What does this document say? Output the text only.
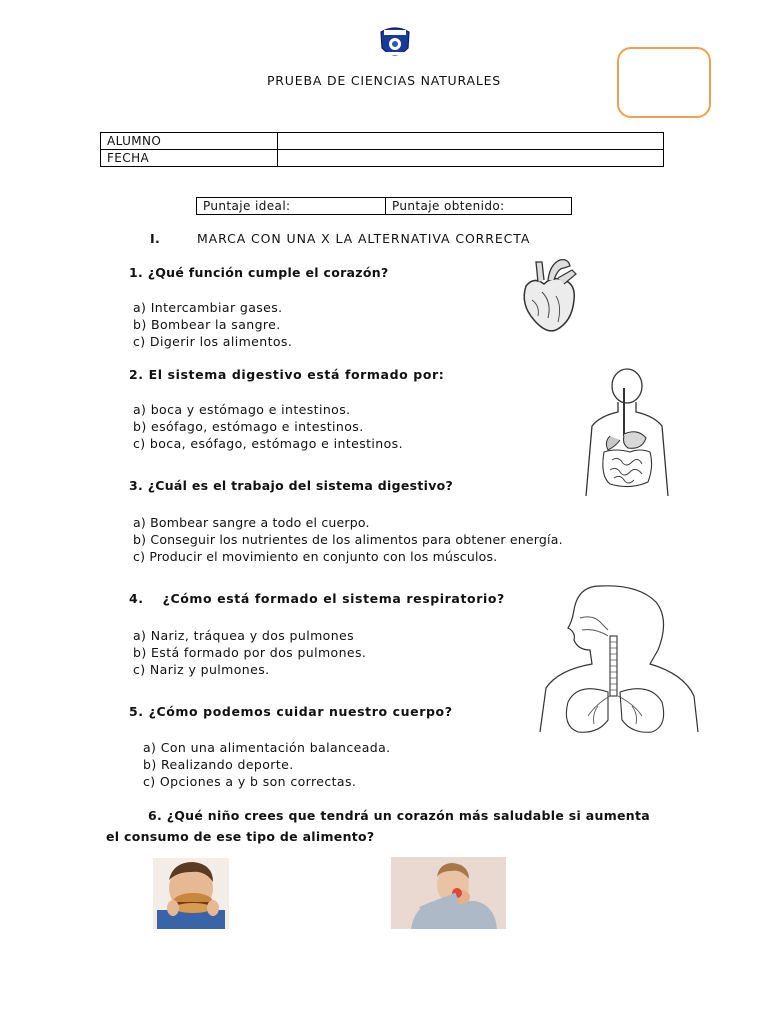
PRUEBA DE CIENCIAS NATURALES
ALUMNO	
FECHA	
Puntaje ideal:	Puntaje obtenido:
I.	MARCA CON UNA X LA ALTERNATIVA CORRECTA
1. ¿Qué función cumple el corazón?
a) Intercambiar gases.
b) Bombear la sangre.
c) Digerir los alimentos.
2. El sistema digestivo está formado por:
a) boca y estómago e intestinos.
b) esófago, estómago e intestinos.
c) boca, esófago, estómago e intestinos.
3. ¿Cuál es el trabajo del sistema digestivo?
a) Bombear sangre a todo el cuerpo.
b) Conseguir los nutrientes de los alimentos para obtener energía.
c) Producir el movimiento en conjunto con los músculos.
4. ¿Cómo está formado el sistema respiratorio?
a) Nariz, tráquea y dos pulmones
b) Está formado por dos pulmones.
c) Nariz y pulmones.
5. ¿Cómo podemos cuidar nuestro cuerpo?
a) Con una alimentación balanceada.
b) Realizando deporte.
c) Opciones a y b son correctas.
6. ¿Qué niño crees que tendrá un corazón más saludable si aumenta
el consumo de ese tipo de alimento?
